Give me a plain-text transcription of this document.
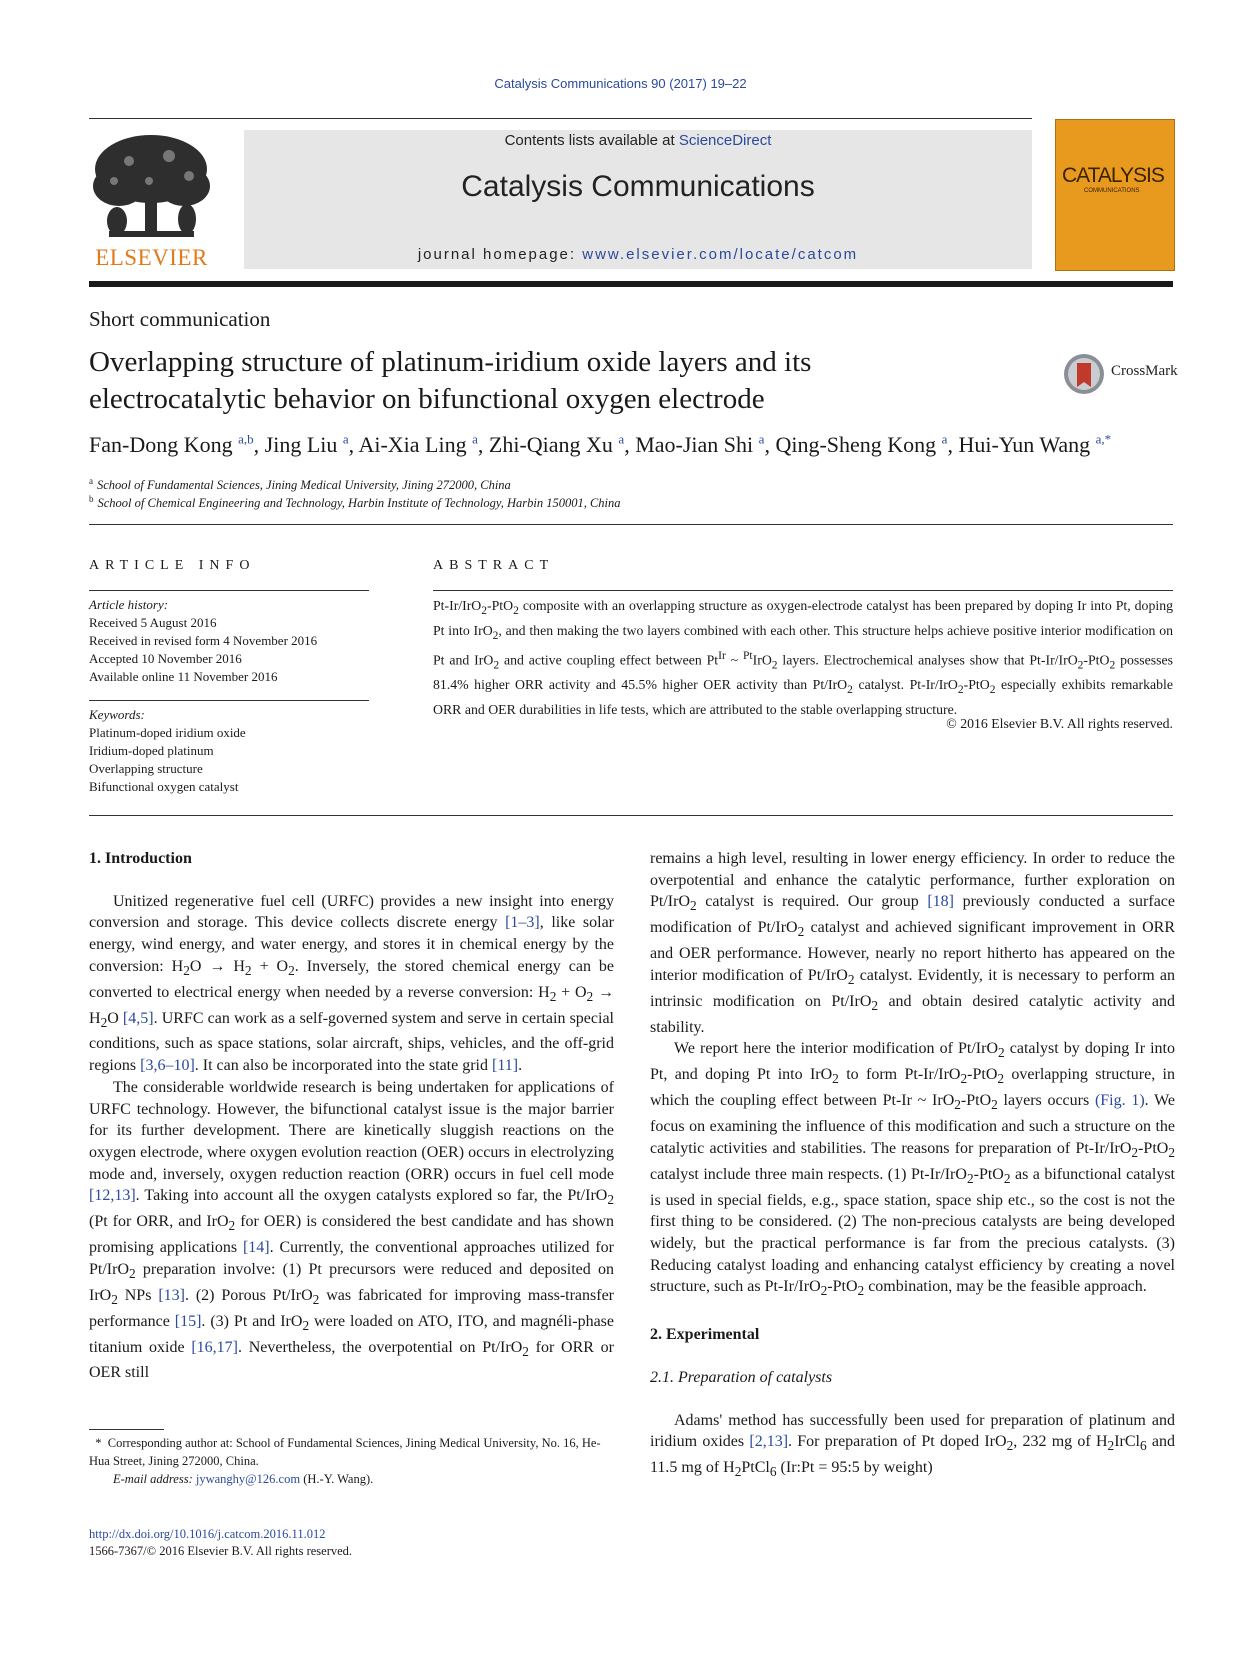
Catalysis Communications 90 (2017) 19–22
ELSEVIER
Contents lists available at ScienceDirect
Catalysis Communications
journal homepage: www.elsevier.com/locate/catcom
CATALYSIS
COMMUNICATIONS
Short communication
Overlapping structure of platinum-iridium oxide layers and its
electrocatalytic behavior on bifunctional oxygen electrode
CrossMark
Fan-Dong Kong $^{a,b}$, Jing Liu $^a$, Ai-Xia Ling $^a$, Zhi-Qiang Xu $^a$, Mao-Jian Shi $^a$, Qing-Sheng Kong $^a$, Hui-Yun Wang $^{a,*}$
$^a$ School of Fundamental Sciences, Jining Medical University, Jining 272000, China
$^b$ School of Chemical Engineering and Technology, Harbin Institute of Technology, Harbin 150001, China
ARTICLE INFO	ABSTRACT
Article history:
Received 5 August 2016
Received in revised form 4 November 2016
Accepted 10 November 2016
Available online 11 November 2016
Keywords:
Platinum-doped iridium oxide
Iridium-doped platinum
Overlapping structure
Bifunctional oxygen catalyst
Pt-Ir/IrO$_2$-PtO$_2$ composite with an overlapping structure as oxygen-electrode catalyst has been prepared by doping Ir into Pt, doping Pt into IrO$_2$, and then making the two layers combined with each other. This structure helps achieve positive interior modification on Pt and IrO$_2$ and active coupling effect between $Pt^{Ir}$ ~ $^{Pt}$IrO$_2$ layers. Electrochemical analyses show that Pt-Ir/IrO$_2$-PtO$_2$ possesses 81.4% higher ORR activity and 45.5% higher OER activity than Pt/IrO$_2$ catalyst. Pt-Ir/IrO$_2$-PtO$_2$ especially exhibits remarkable ORR and OER durabilities in life tests, which are attributed to the stable overlapping structure.
© 2016 Elsevier B.V. All rights reserved.
1. Introduction

Unitized regenerative fuel cell (URFC) provides a new insight into energy conversion and storage. This device collects discrete energy [1–3], like solar energy, wind energy, and water energy, and stores it in chemical energy by the conversion: $H_2O \to H_2 + O_2$. Inversely, the stored chemical energy can be converted to electrical energy when needed by a reverse conversion: $H_2 + O_2 \to H_2O$ [4,5]. URFC can work as a self-governed system and serve in certain special conditions, such as space stations, solar aircraft, ships, vehicles, and the off-grid regions [3,6–10]. It can also be incorporated into the state grid [11].

The considerable worldwide research is being undertaken for applications of URFC technology. However, the bifunctional catalyst issue is the major barrier for its further development. There are kinetically sluggish reactions on the oxygen electrode, where oxygen evolution reaction (OER) occurs in electrolyzing mode and, inversely, oxygen reduction reaction (ORR) occurs in fuel cell mode [12,13]. Taking into account all the oxygen catalysts explored so far, the Pt/IrO$_2$ (Pt for ORR, and IrO$_2$ for OER) is considered the best candidate and has shown promising applications [14]. Currently, the conventional approaches utilized for Pt/IrO$_2$ preparation involve: (1) Pt precursors were reduced and deposited on IrO$_2$ NPs [13]. (2) Porous Pt/IrO$_2$ was fabricated for improving mass-transfer performance [15]. (3) Pt and IrO$_2$ were loaded on ATO, ITO, and magnéli-phase titanium oxide [16,17]. Nevertheless, the overpotential on Pt/IrO$_2$ for ORR or OER still

remains a high level, resulting in lower energy efficiency. In order to reduce the overpotential and enhance the catalytic performance, further exploration on Pt/IrO$_2$ catalyst is required. Our group [18] previously conducted a surface modification of Pt/IrO$_2$ catalyst and achieved significant improvement in ORR and OER performance. However, nearly no report hitherto has appeared on the interior modification of Pt/IrO$_2$ catalyst. Evidently, it is necessary to perform an intrinsic modification on Pt/IrO$_2$ and obtain desired catalytic activity and stability.

We report here the interior modification of Pt/IrO$_2$ catalyst by doping Ir into Pt, and doping Pt into IrO$_2$ to form Pt-Ir/IrO$_2$-PtO$_2$ overlapping structure, in which the coupling effect between Pt-Ir ~ IrO$_2$-PtO$_2$ layers occurs (Fig. 1). We focus on examining the influence of this modification and such a structure on the catalytic activities and stabilities. The reasons for preparation of Pt-Ir/IrO$_2$-PtO$_2$ catalyst include three main respects. (1) Pt-Ir/IrO$_2$-PtO$_2$ as a bifunctional catalyst is used in special fields, e.g., space station, space ship etc., so the cost is not the first thing to be considered. (2) The non-precious catalysts are being developed widely, but the practical performance is far from the precious catalysts. (3) Reducing catalyst loading and enhancing catalyst efficiency by creating a novel structure, such as Pt-Ir/IrO$_2$-PtO$_2$ combination, may be the feasible approach.

2. Experimental
2.1. Preparation of catalysts

Adams' method has successfully been used for preparation of platinum and iridium oxides [2,13]. For preparation of Pt doped IrO$_2$, 232 mg of $H_2IrCl_6$ and 11.5 mg of $H_2PtCl_6$ (Ir:Pt = 95:5 by weight)

*  Corresponding author at: School of Fundamental Sciences, Jining Medical University, No. 16, He-Hua Street, Jining 272000, China.
E-mail address: jywanghy@126.com (H.-Y. Wang).
http://dx.doi.org/10.1016/j.catcom.2016.11.012
1566-7367/© 2016 Elsevier B.V. All rights reserved.
